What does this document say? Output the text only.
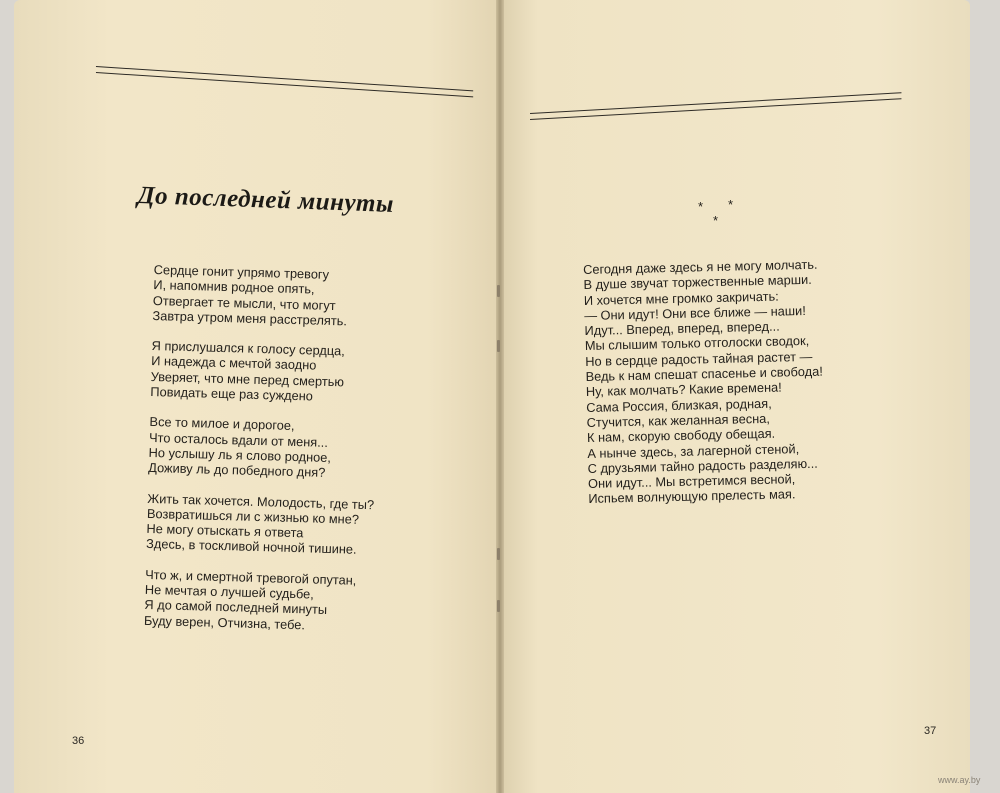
До последней минуты
Сердце гонит упрямо тревогу
И, напомнив родное опять,
Отвергает те мысли, что могут
Завтра утром меня расстрелять.
Я прислушался к голосу сердца,
И надежда с мечтой заодно
Уверяет, что мне перед смертью
Повидать еще раз суждено
Все то милое и дорогое,
Что осталось вдали от меня...
Но услышу ль я слово родное,
Доживу ль до победного дня?
Жить так хочется. Молодость, где ты?
Возвратишься ли с жизнью ко мне?
Не могу отыскать я ответа
Здесь, в тоскливой ночной тишине.
Что ж, и смертной тревогой опутан,
Не мечтая о лучшей судьбе,
Я до самой последней минуты
Буду верен, Отчизна, тебе.
* *
*
Сегодня даже здесь я не могу молчать.
В душе звучат торжественные марши.
И хочется мне громко закричать:
— Они идут! Они все ближе — наши!
Идут... Вперед, вперед, вперед...
Мы слышим только отголоски сводок,
Но в сердце радость тайная растет —
Ведь к нам спешат спасенье и свобода!
Ну, как молчать? Какие времена!
Сама Россия, близкая, родная,
Стучится, как желанная весна,
К нам, скорую свободу обещая.
А нынче здесь, за лагерной стеной,
С друзьями тайно радость разделяю...
Они идут... Мы встретимся весной,
Испьем волнующую прелесть мая.
36
37
www.ay.by
